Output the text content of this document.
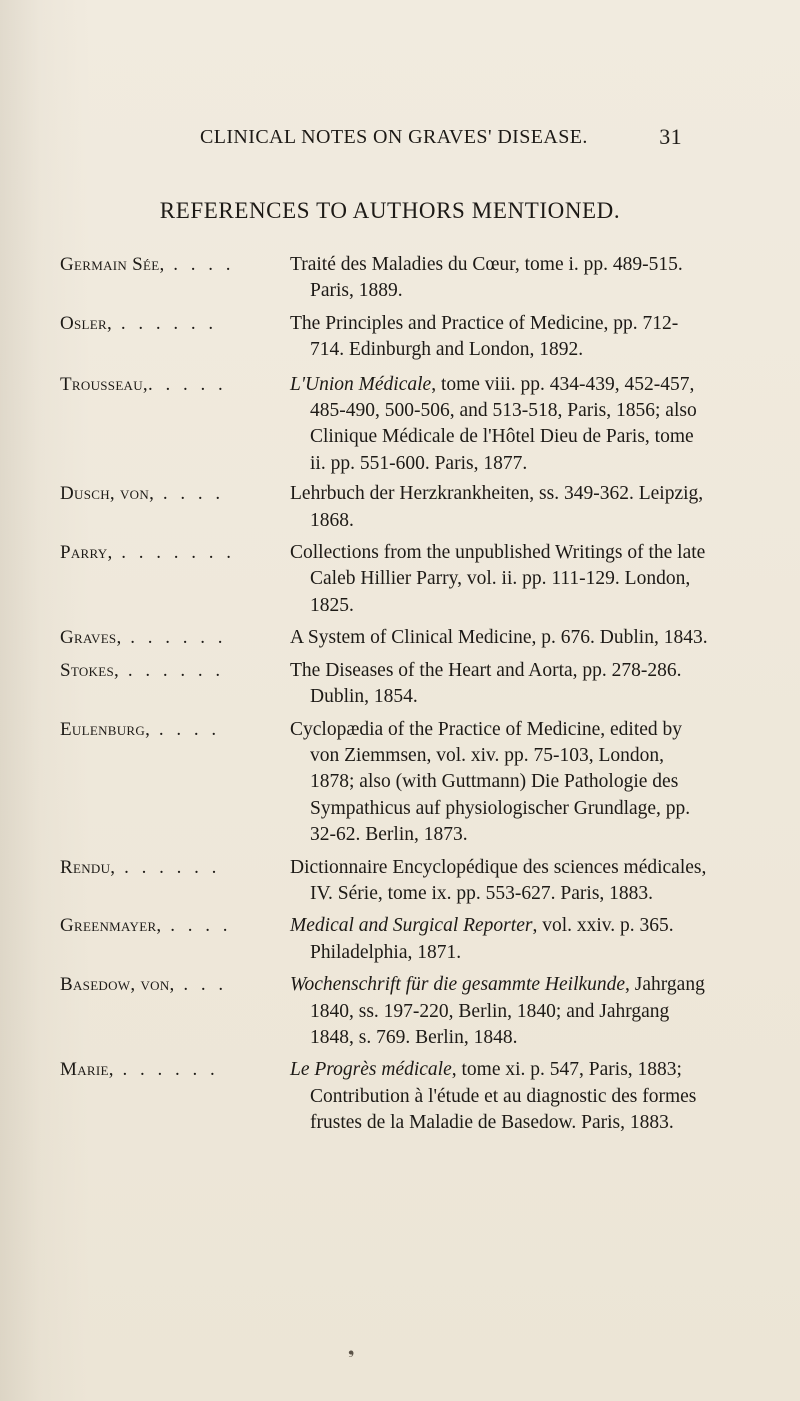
CLINICAL NOTES ON GRAVES' DISEASE.	31
REFERENCES TO AUTHORS MENTIONED.
Germain Sée, . . . .	Traité des Maladies du Cœur, tome i. pp. 489-515. Paris, 1889.
Osler, . . . . . .	The Principles and Practice of Medicine, pp. 712-714. Edinburgh and London, 1892.
Trousseau,. . . . .	L'Union Médicale, tome viii. pp. 434-439, 452-457, 485-490, 500-506, and 513-518, Paris, 1856; also Clinique Médicale de l'Hôtel Dieu de Paris, tome ii. pp. 551-600. Paris, 1877.
Dusch, von, . . . .	Lehrbuch der Herzkrankheiten, ss. 349-362. Leipzig, 1868.
Parry, . . . . . . .	Collections from the unpublished Writings of the late Caleb Hillier Parry, vol. ii. pp. 111-129. London, 1825.
Graves, . . . . . .	A System of Clinical Medicine, p. 676. Dublin, 1843.
Stokes, . . . . . .	The Diseases of the Heart and Aorta, pp. 278-286. Dublin, 1854.
Eulenburg, . . . .	Cyclopædia of the Practice of Medicine, edited by von Ziemmsen, vol. xiv. pp. 75-103, London, 1878; also (with Guttmann) Die Pathologie des Sympathicus auf physiologischer Grundlage, pp. 32-62. Berlin, 1873.
Rendu, . . . . . .	Dictionnaire Encyclopédique des sciences médicales, IV. Série, tome ix. pp. 553-627. Paris, 1883.
Greenmayer, . . . .	Medical and Surgical Reporter, vol. xxiv. p. 365. Philadelphia, 1871.
Basedow, von, . . .	Wochenschrift für die gesammte Heilkunde, Jahrgang 1840, ss. 197-220, Berlin, 1840; and Jahrgang 1848, s. 769. Berlin, 1848.
Marie, . . . . . .	Le Progrès médicale, tome xi. p. 547, Paris, 1883; Contribution à l'étude et au diagnostic des formes frustes de la Maladie de Basedow. Paris, 1883.
❟
